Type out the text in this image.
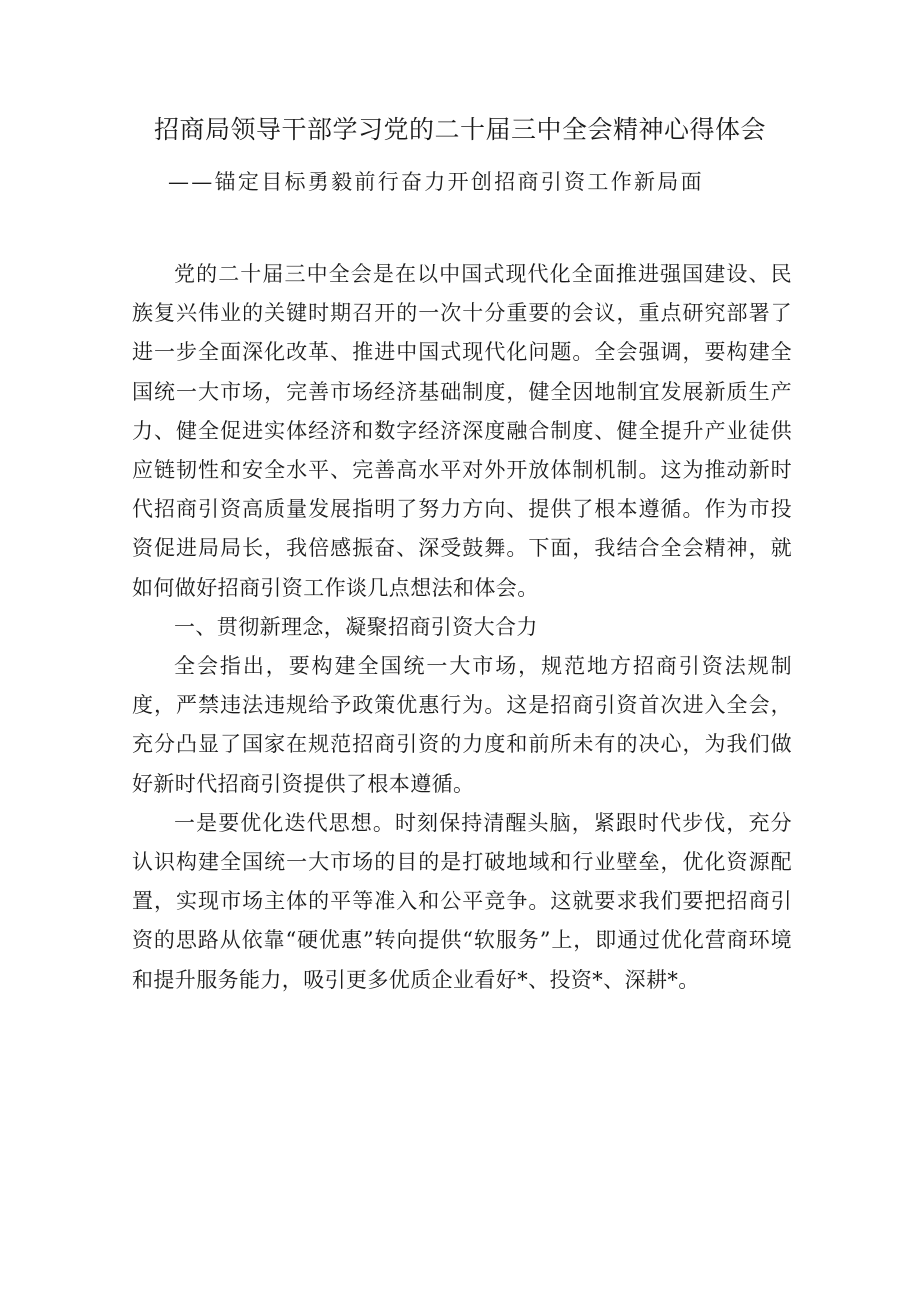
招商局领导干部学习党的二十届三中全会精神心得体会
——锚定目标勇毅前行奋力开创招商引资工作新局面

党的二十届三中全会是在以中国式现代化全面推进强国建设、民族复兴伟业的关键时期召开的一次十分重要的会议，重点研究部署了进一步全面深化改革、推进中国式现代化问题。全会强调，要构建全国统一大市场，完善市场经济基础制度，健全因地制宜发展新质生产力、健全促进实体经济和数字经济深度融合制度、健全提升产业徒供应链韧性和安全水平、完善高水平对外开放体制机制。这为推动新时代招商引资高质量发展指明了努力方向、提供了根本遵循。作为市投资促进局局长，我倍感振奋、深受鼓舞。下面，我结合全会精神，就如何做好招商引资工作谈几点想法和体会。

一、贯彻新理念，凝聚招商引资大合力

全会指出，要构建全国统一大市场，规范地方招商引资法规制度，严禁违法违规给予政策优惠行为。这是招商引资首次进入全会，充分凸显了国家在规范招商引资的力度和前所未有的决心，为我们做好新时代招商引资提供了根本遵循。

一是要优化迭代思想。时刻保持清醒头脑，紧跟时代步伐，充分认识构建全国统一大市场的目的是打破地域和行业壁垒，优化资源配置，实现市场主体的平等准入和公平竞争。这就要求我们要把招商引资的思路从依靠“硬优惠”转向提供“软服务”上，即通过优化营商环境和提升服务能力，吸引更多优质企业看好*、投资*、深耕*。
